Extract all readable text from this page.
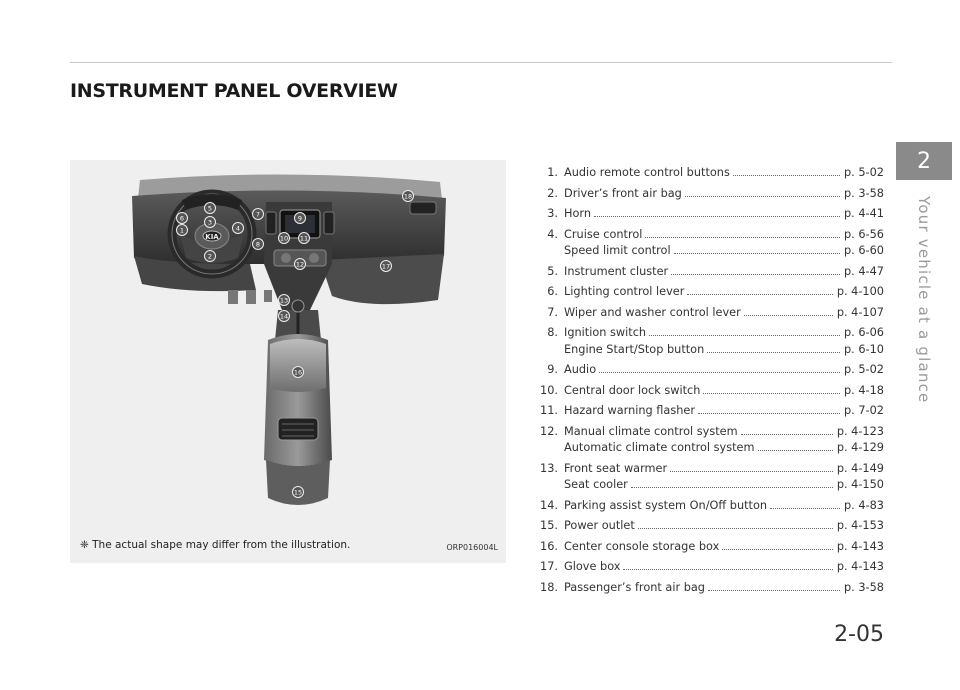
INSTRUMENT PANEL OVERVIEW
KIA
1
2
3
4
5
6	7
8
9
10 11
12
13
14
15
16
17
18
❈ The actual shape may differ from the illustration.	ORP016004L
1. Audio remote control buttons	p. 5-02
2. Driver’s front air bag	p. 3-58
3. Horn	p. 4-41
4. Cruise control	p. 6-56
Speed limit control	p. 6-60
5. Instrument cluster	p. 4-47
6. Lighting control lever	p. 4-100
7. Wiper and washer control lever	p. 4-107
8. Ignition switch	p. 6-06
Engine Start/Stop button	p. 6-10
9. Audio	p. 5-02
10. Central door lock switch	p. 4-18
11. Hazard warning flasher	p. 7-02
12. Manual climate control system	p. 4-123
Automatic climate control system	p. 4-129
13. Front seat warmer	p. 4-149
Seat cooler	p. 4-150
14. Parking assist system On/Off button	p. 4-83
15. Power outlet	p. 4-153
16. Center console storage box	p. 4-143
17. Glove box	p. 4-143
18. Passenger’s front air bag	p. 3-58
2
Your vehicle at a glance
2-05
